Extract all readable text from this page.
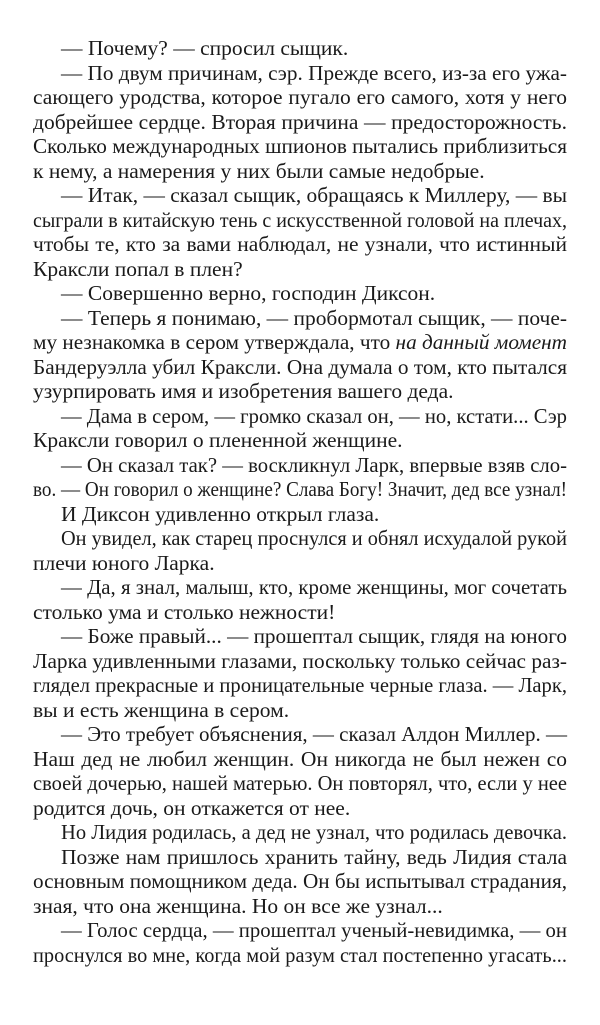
— Почему? — спросил сыщик.
— По двум причинам, сэр. Прежде всего, из-за его ужа-
сающего уродства, которое пугало его самого, хотя у него
добрейшее сердце. Вторая причина — предосторожность.
Сколько международных шпионов пытались приблизиться
к нему, а намерения у них были самые недобрые.
— Итак, — сказал сыщик, обращаясь к Миллеру, — вы
сыграли в китайскую тень с искусственной головой на плечах,
чтобы те, кто за вами наблюдал, не узнали, что истинный
Краксли попал в плен?
— Совершенно верно, господин Диксон.
— Теперь я понимаю, — пробормотал сыщик, — поче-
му незнакомка в сером утверждала, что на данный момент
Бандеруэлла убил Краксли. Она думала о том, кто пытался
узурпировать имя и изобретения вашего деда.
— Дама в сером, — громко сказал он, — но, кстати... Сэр
Краксли говорил о плененной женщине.
— Он сказал так? — воскликнул Ларк, впервые взяв сло-
во. — Он говорил о женщине? Слава Богу! Значит, дед все узнал!
И Диксон удивленно открыл глаза.
Он увидел, как старец проснулся и обнял исхудалой рукой
плечи юного Ларка.
— Да, я знал, малыш, кто, кроме женщины, мог сочетать
столько ума и столько нежности!
— Боже правый... — прошептал сыщик, глядя на юного
Ларка удивленными глазами, поскольку только сейчас раз-
глядел прекрасные и проницательные черные глаза. — Ларк,
вы и есть женщина в сером.
— Это требует объяснения, — сказал Алдон Миллер. —
Наш дед не любил женщин. Он никогда не был нежен со
своей дочерью, нашей матерью. Он повторял, что, если у нее
родится дочь, он откажется от нее.
Но Лидия родилась, а дед не узнал, что родилась девочка.
Позже нам пришлось хранить тайну, ведь Лидия стала
основным помощником деда. Он бы испытывал страдания,
зная, что она женщина. Но он все же узнал...
— Голос сердца, — прошептал ученый-невидимка, — он
проснулся во мне, когда мой разум стал постепенно угасать...
